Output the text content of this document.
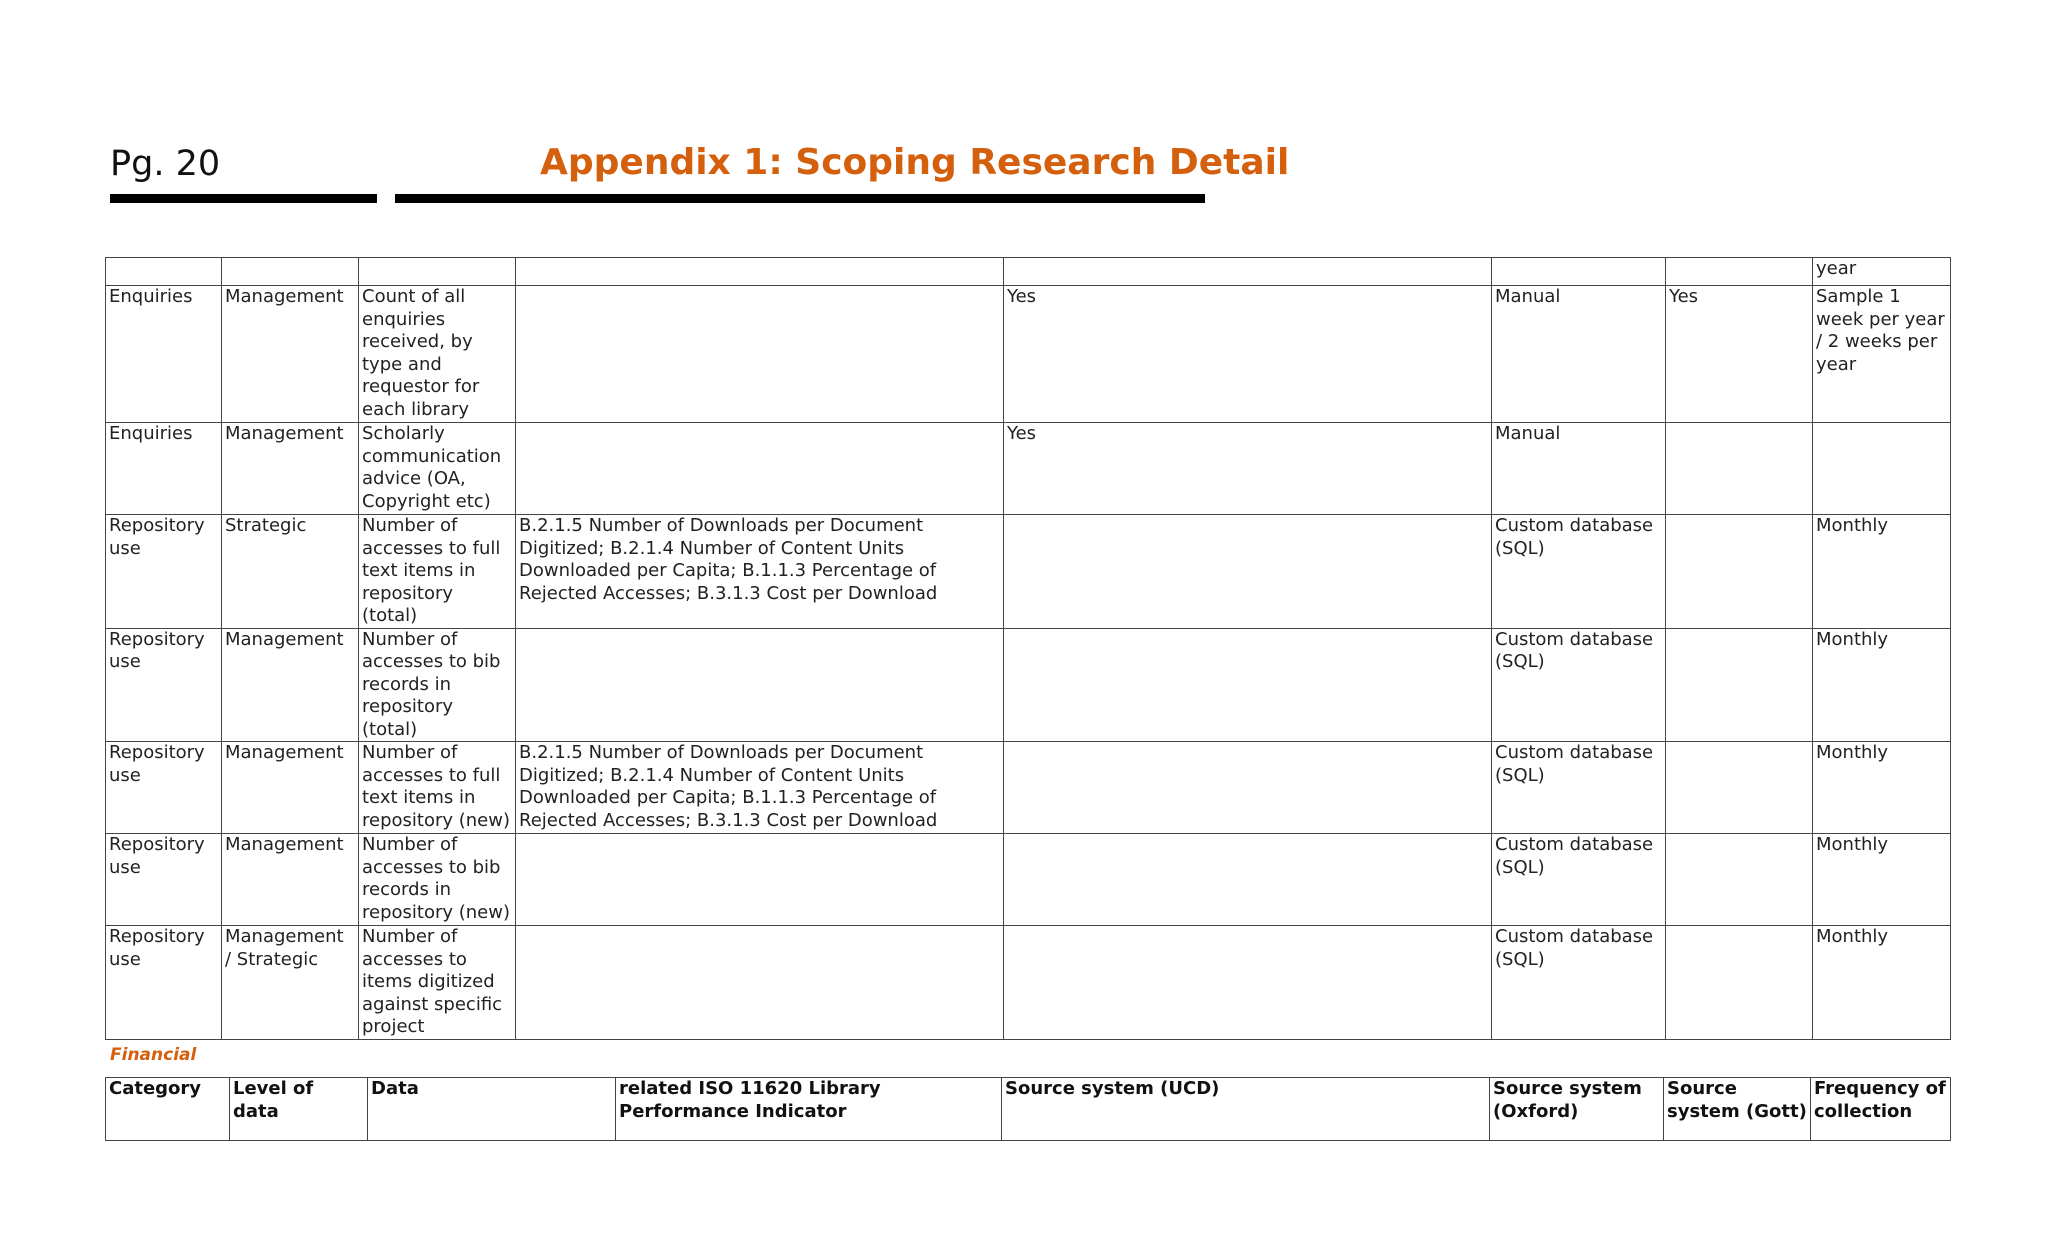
Pg. 20	Appendix 1: Scoping Research Detail
							year
Enquiries	Management	Count of all enquiries received, by type and requestor for each library		Yes	Manual	Yes	Sample 1 week per year / 2 weeks per year
Enquiries	Management	Scholarly communication advice (OA, Copyright etc)		Yes	Manual		
Repository use	Strategic	Number of accesses to full text items in repository (total)	B.2.1.5 Number of Downloads per Document Digitized; B.2.1.4 Number of Content Units Downloaded per Capita; B.1.1.3 Percentage of Rejected Accesses; B.3.1.3 Cost per Download		Custom database (SQL)		Monthly
Repository use	Management	Number of accesses to bib records in repository (total)			Custom database (SQL)		Monthly
Repository use	Management	Number of accesses to full text items in repository (new)	B.2.1.5 Number of Downloads per Document Digitized; B.2.1.4 Number of Content Units Downloaded per Capita; B.1.1.3 Percentage of Rejected Accesses; B.3.1.3 Cost per Download		Custom database (SQL)		Monthly
Repository use	Management	Number of accesses to bib records in repository (new)			Custom database (SQL)		Monthly
Repository use	Management / Strategic	Number of accesses to items digitized against specific project			Custom database (SQL)		Monthly
Financial
Category	Level of data	Data	related ISO 11620 Library Performance Indicator	Source system (UCD)	Source system (Oxford)	Source system (Gott)	Frequency of collection
